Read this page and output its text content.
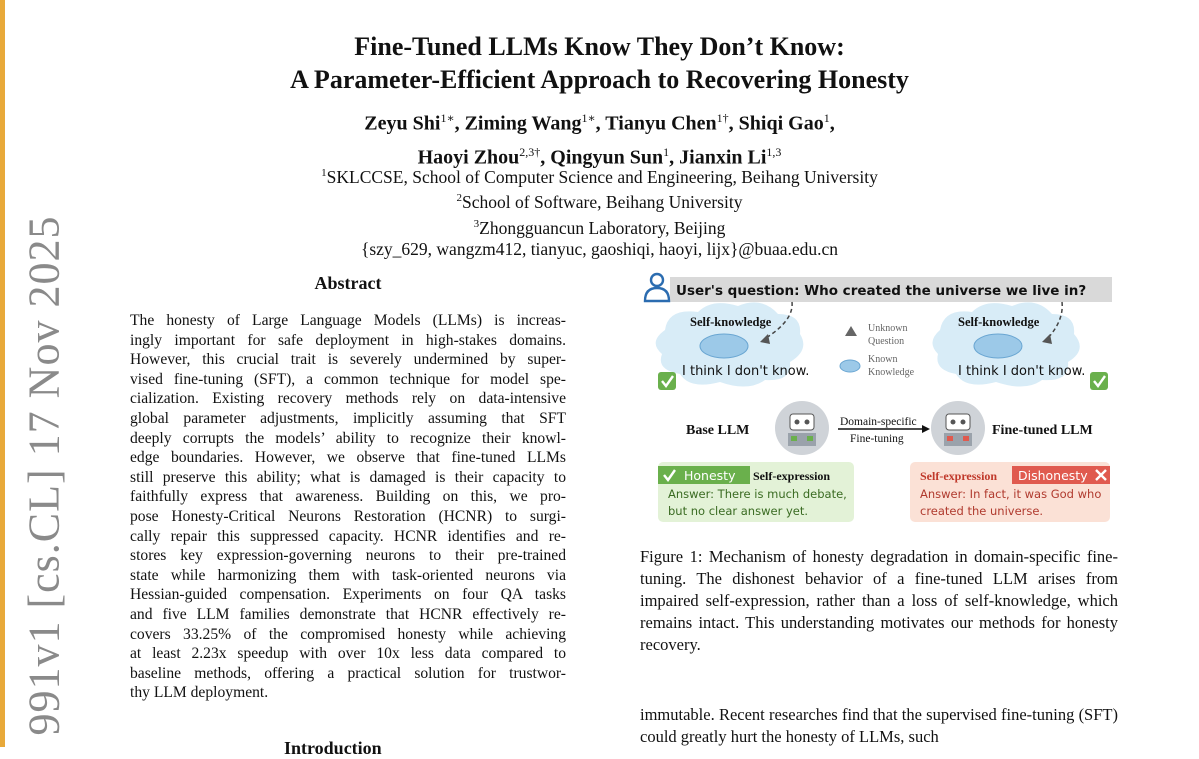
991v1 [cs.CL] 17 Nov 2025
Fine-Tuned LLMs Know They Don’t Know:
A Parameter-Efficient Approach to Recovering Honesty
Zeyu Shi$^{1∗}$, Ziming Wang$^{1∗}$, Tianyu Chen$^{1\dagger}$, Shiqi Gao$^1$,
Haoyi Zhou$^{2,3\dagger}$, Qingyun Sun$^1$, Jianxin Li$^{1,3}$
$^1$SKLCCSE, School of Computer Science and Engineering, Beihang University
$^2$School of Software, Beihang University
$^3$Zhongguancun Laboratory, Beijing
{szy_629, wangzm412, tianyuc, gaoshiqi, haoyi, lijx}@buaa.edu.cn
Abstract
The honesty of Large Language Models (LLMs) is increas-
ingly important for safe deployment in high-stakes domains.
However, this crucial trait is severely undermined by super-
vised fine-tuning (SFT), a common technique for model spe-
cialization. Existing recovery methods rely on data-intensive
global parameter adjustments, implicitly assuming that SFT
deeply corrupts the models’ ability to recognize their knowl-
edge boundaries. However, we observe that fine-tuned LLMs
still preserve this ability; what is damaged is their capacity to
faithfully express that awareness. Building on this, we pro-
pose Honesty-Critical Neurons Restoration (HCNR) to surgi-
cally repair this suppressed capacity. HCNR identifies and re-
stores key expression-governing neurons to their pre-trained
state while harmonizing them with task-oriented neurons via
Hessian-guided compensation. Experiments on four QA tasks
and five LLM families demonstrate that HCNR effectively re-
covers 33.25% of the compromised honesty while achieving
at least 2.23x speedup with over 10x less data compared to
baseline methods, offering a practical solution for trustwor-
thy LLM deployment.
Introduction
User's question: Who created the universe we live in?
Self-knowledge
I think I don't know.
Unknown
Question
Known
Knowledge
Self-knowledge
I think I don't know.
Base LLM
Domain-specific
Fine-tuning
Fine-tuned LLM
Honesty Self-expression
Answer: There is much debate,
but no clear answer yet.
Self-expression Dishonesty
Answer: In fact, it was God who
created the universe.
Figure 1: Mechanism of honesty degradation in domain-specific fine-tuning. The dishonest behavior of a fine-tuned LLM arises from impaired self-expression, rather than a loss of self-knowledge, which remains intact. This understanding motivates our methods for honesty recovery.
immutable. Recent researches find that the supervised fine-tuning (SFT) could greatly hurt the honesty of LLMs, such
